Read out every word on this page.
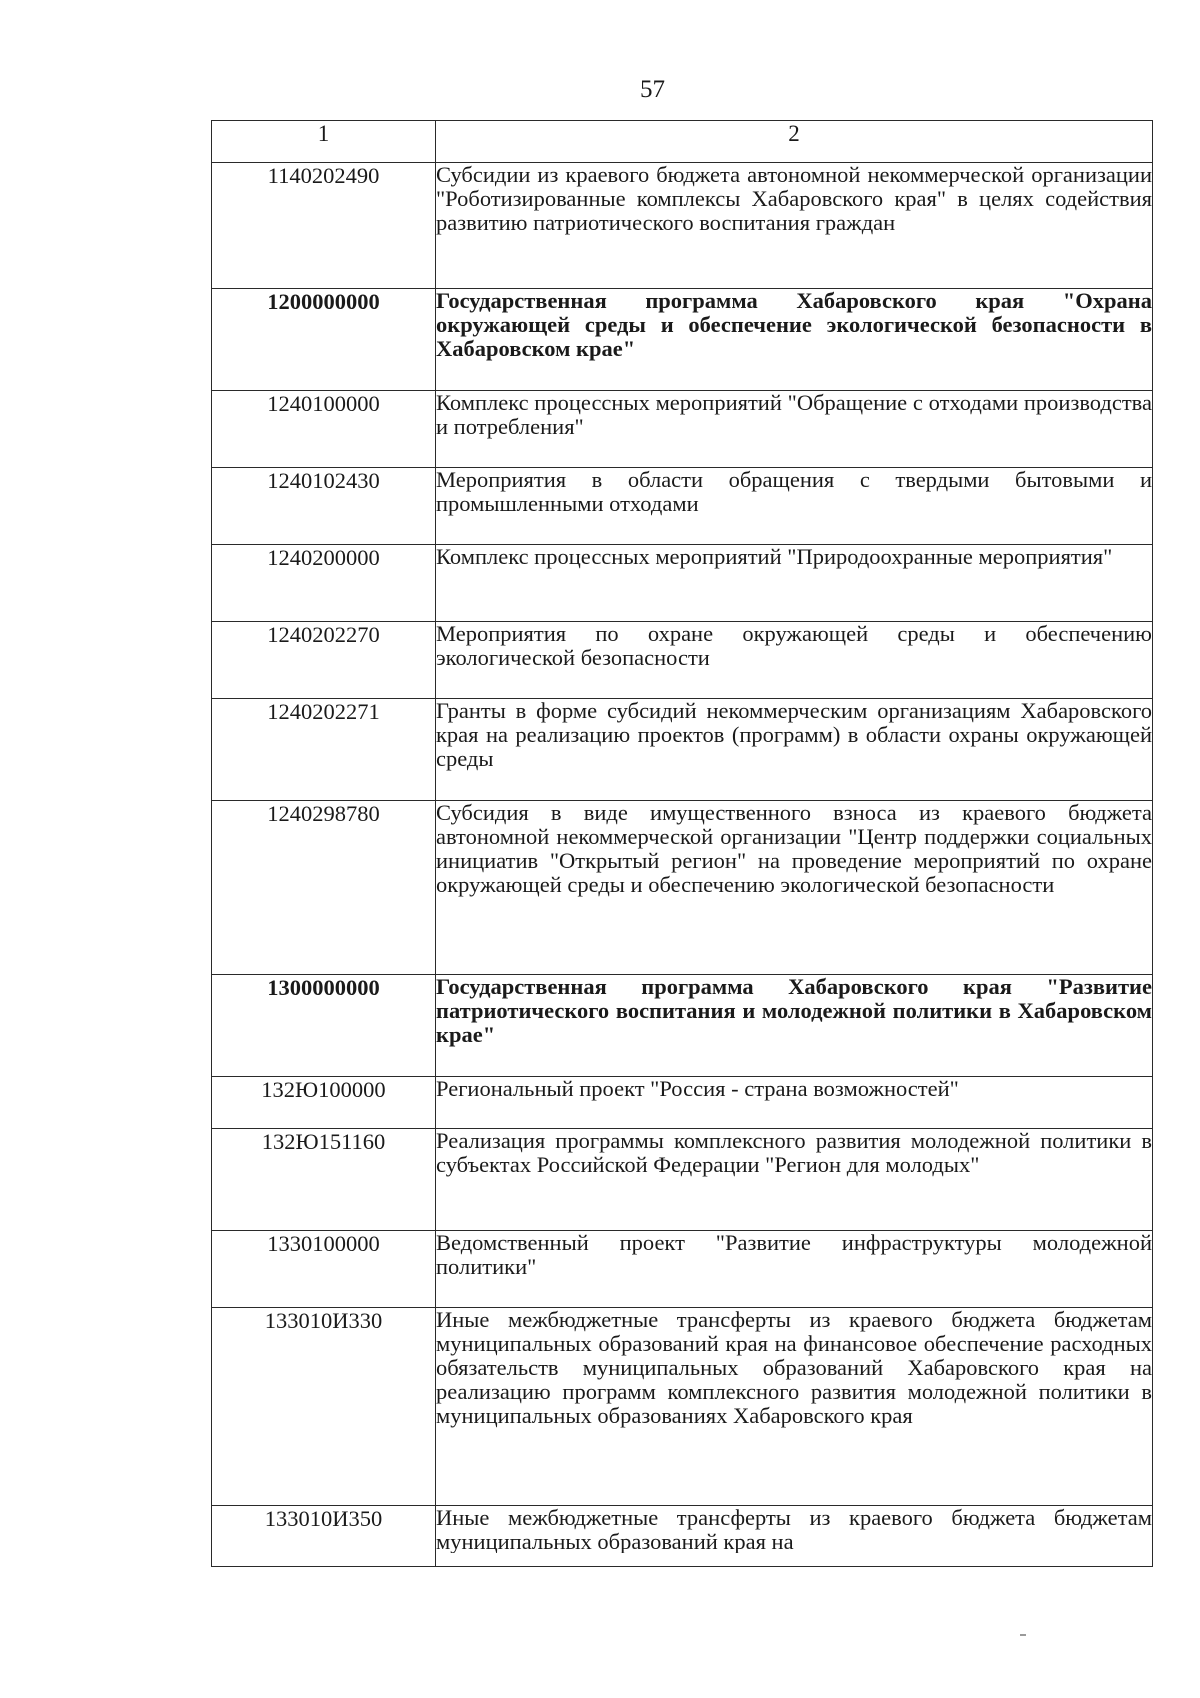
57
1	2
1140202490	Субсидии из краевого бюджета автономной некоммерческой организации "Роботизированные комплексы Хабаровского края" в целях содействия развитию патриотического воспитания граждан
1200000000	Государственная программа Хабаровского края "Охрана окружающей среды и обеспечение экологической безопасности в Хабаровском крае"
1240100000	Комплекс процессных мероприятий "Обращение с отходами производства и потребления"
1240102430	Мероприятия в области обращения с твердыми бытовыми и промышленными отходами
1240200000	Комплекс процессных мероприятий "Природоохранные мероприятия"
1240202270	Мероприятия по охране окружающей среды и обеспечению экологической безопасности
1240202271	Гранты в форме субсидий некоммерческим организациям Хабаровского края на реализацию проектов (программ) в области охраны окружающей среды
1240298780	Субсидия в виде имущественного взноса из краевого бюджета автономной некоммерческой организации "Центр поддержки социальных инициатив "Открытый регион" на проведение мероприятий по охране окружающей среды и обеспечению экологической безопасности
1300000000	Государственная программа Хабаровского края "Развитие патриотического воспитания и молодежной политики в Хабаровском крае"
132Ю100000	Региональный проект "Россия - страна возможностей"
132Ю151160	Реализация программы комплексного развития молодежной политики в субъектах Российской Федерации "Регион для молодых"
1330100000	Ведомственный проект "Развитие инфраструктуры молодежной политики"
133010И330	Иные межбюджетные трансферты из краевого бюджета бюджетам муниципальных образований края на финансовое обеспечение расходных обязательств муниципальных образований Хабаровского края на реализацию программ комплексного развития молодежной политики в муниципальных образованиях Хабаровского края
133010И350	Иные межбюджетные трансферты из краевого бюджета бюджетам муниципальных образований края на
